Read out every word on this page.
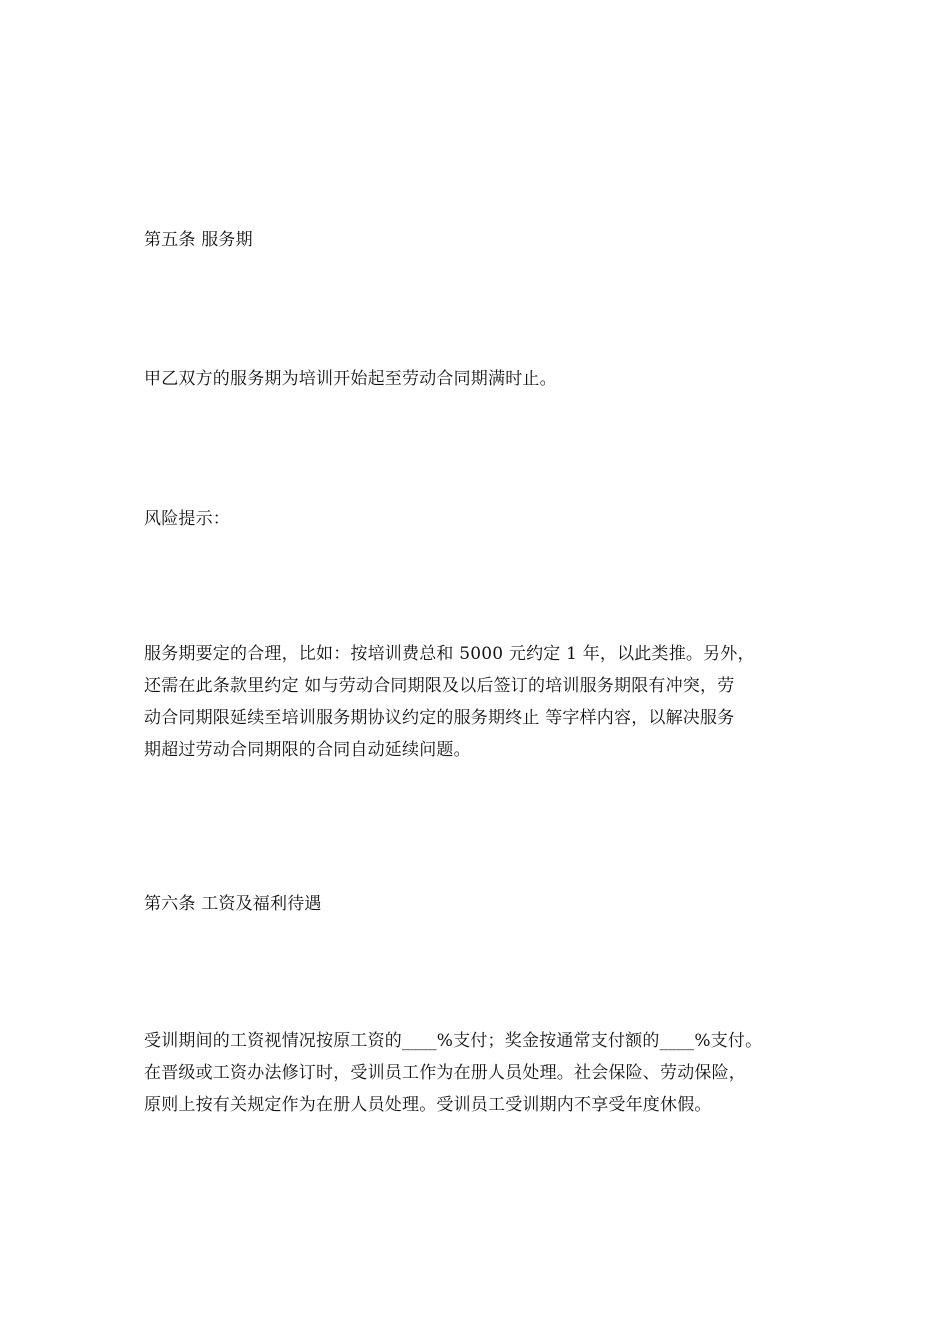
第五条 服务期
甲乙双方的服务期为培训开始起至劳动合同期满时止。
风险提示：
服务期要定的合理，比如：按培训费总和 5000 元约定 1 年，以此类推。另外，
还需在此条款里约定 如与劳动合同期限及以后签订的培训服务期限有冲突，劳
动合同期限延续至培训服务期协议约定的服务期终止 等字样内容，以解决服务
期超过劳动合同期限的合同自动延续问题。
第六条 工资及福利待遇
受训期间的工资视情况按原工资的____%支付；奖金按通常支付额的____%支付。
在晋级或工资办法修订时，受训员工作为在册人员处理。社会保险、劳动保险，
原则上按有关规定作为在册人员处理。受训员工受训期内不享受年度休假。
